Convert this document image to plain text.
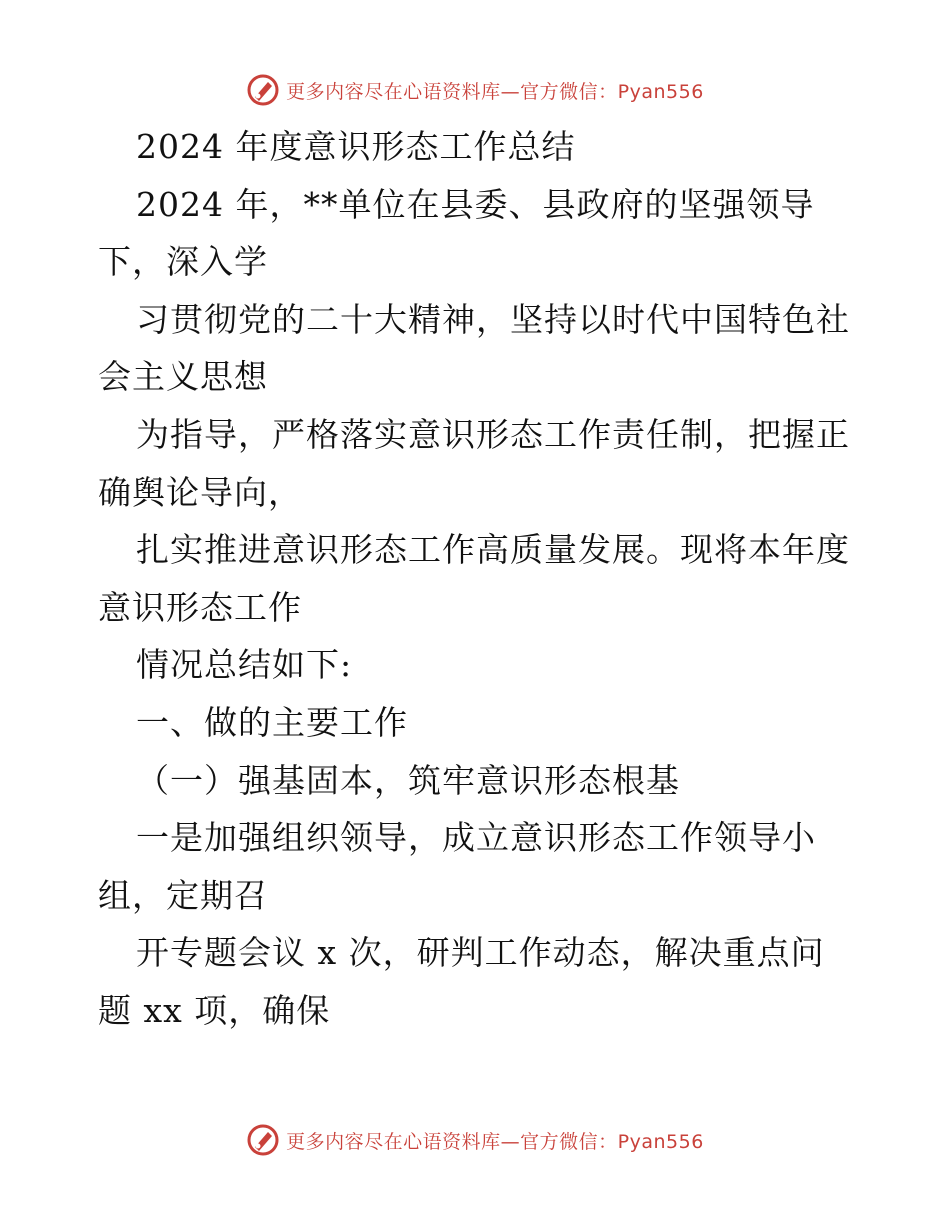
更多内容尽在心语资料库—官方微信：Pyan556
2024 年度意识形态工作总结
2024 年，**单位在县委、县政府的坚强领导
下，深入学
习贯彻党的二十大精神，坚持以时代中国特色社
会主义思想
为指导，严格落实意识形态工作责任制，把握正
确舆论导向，
扎实推进意识形态工作高质量发展。现将本年度
意识形态工作
情况总结如下:
一、做的主要工作
（一）强基固本，筑牢意识形态根基
一是加强组织领导，成立意识形态工作领导小
组，定期召
开专题会议 x 次，研判工作动态，解决重点问
题 xx 项，确保
更多内容尽在心语资料库—官方微信：Pyan556
